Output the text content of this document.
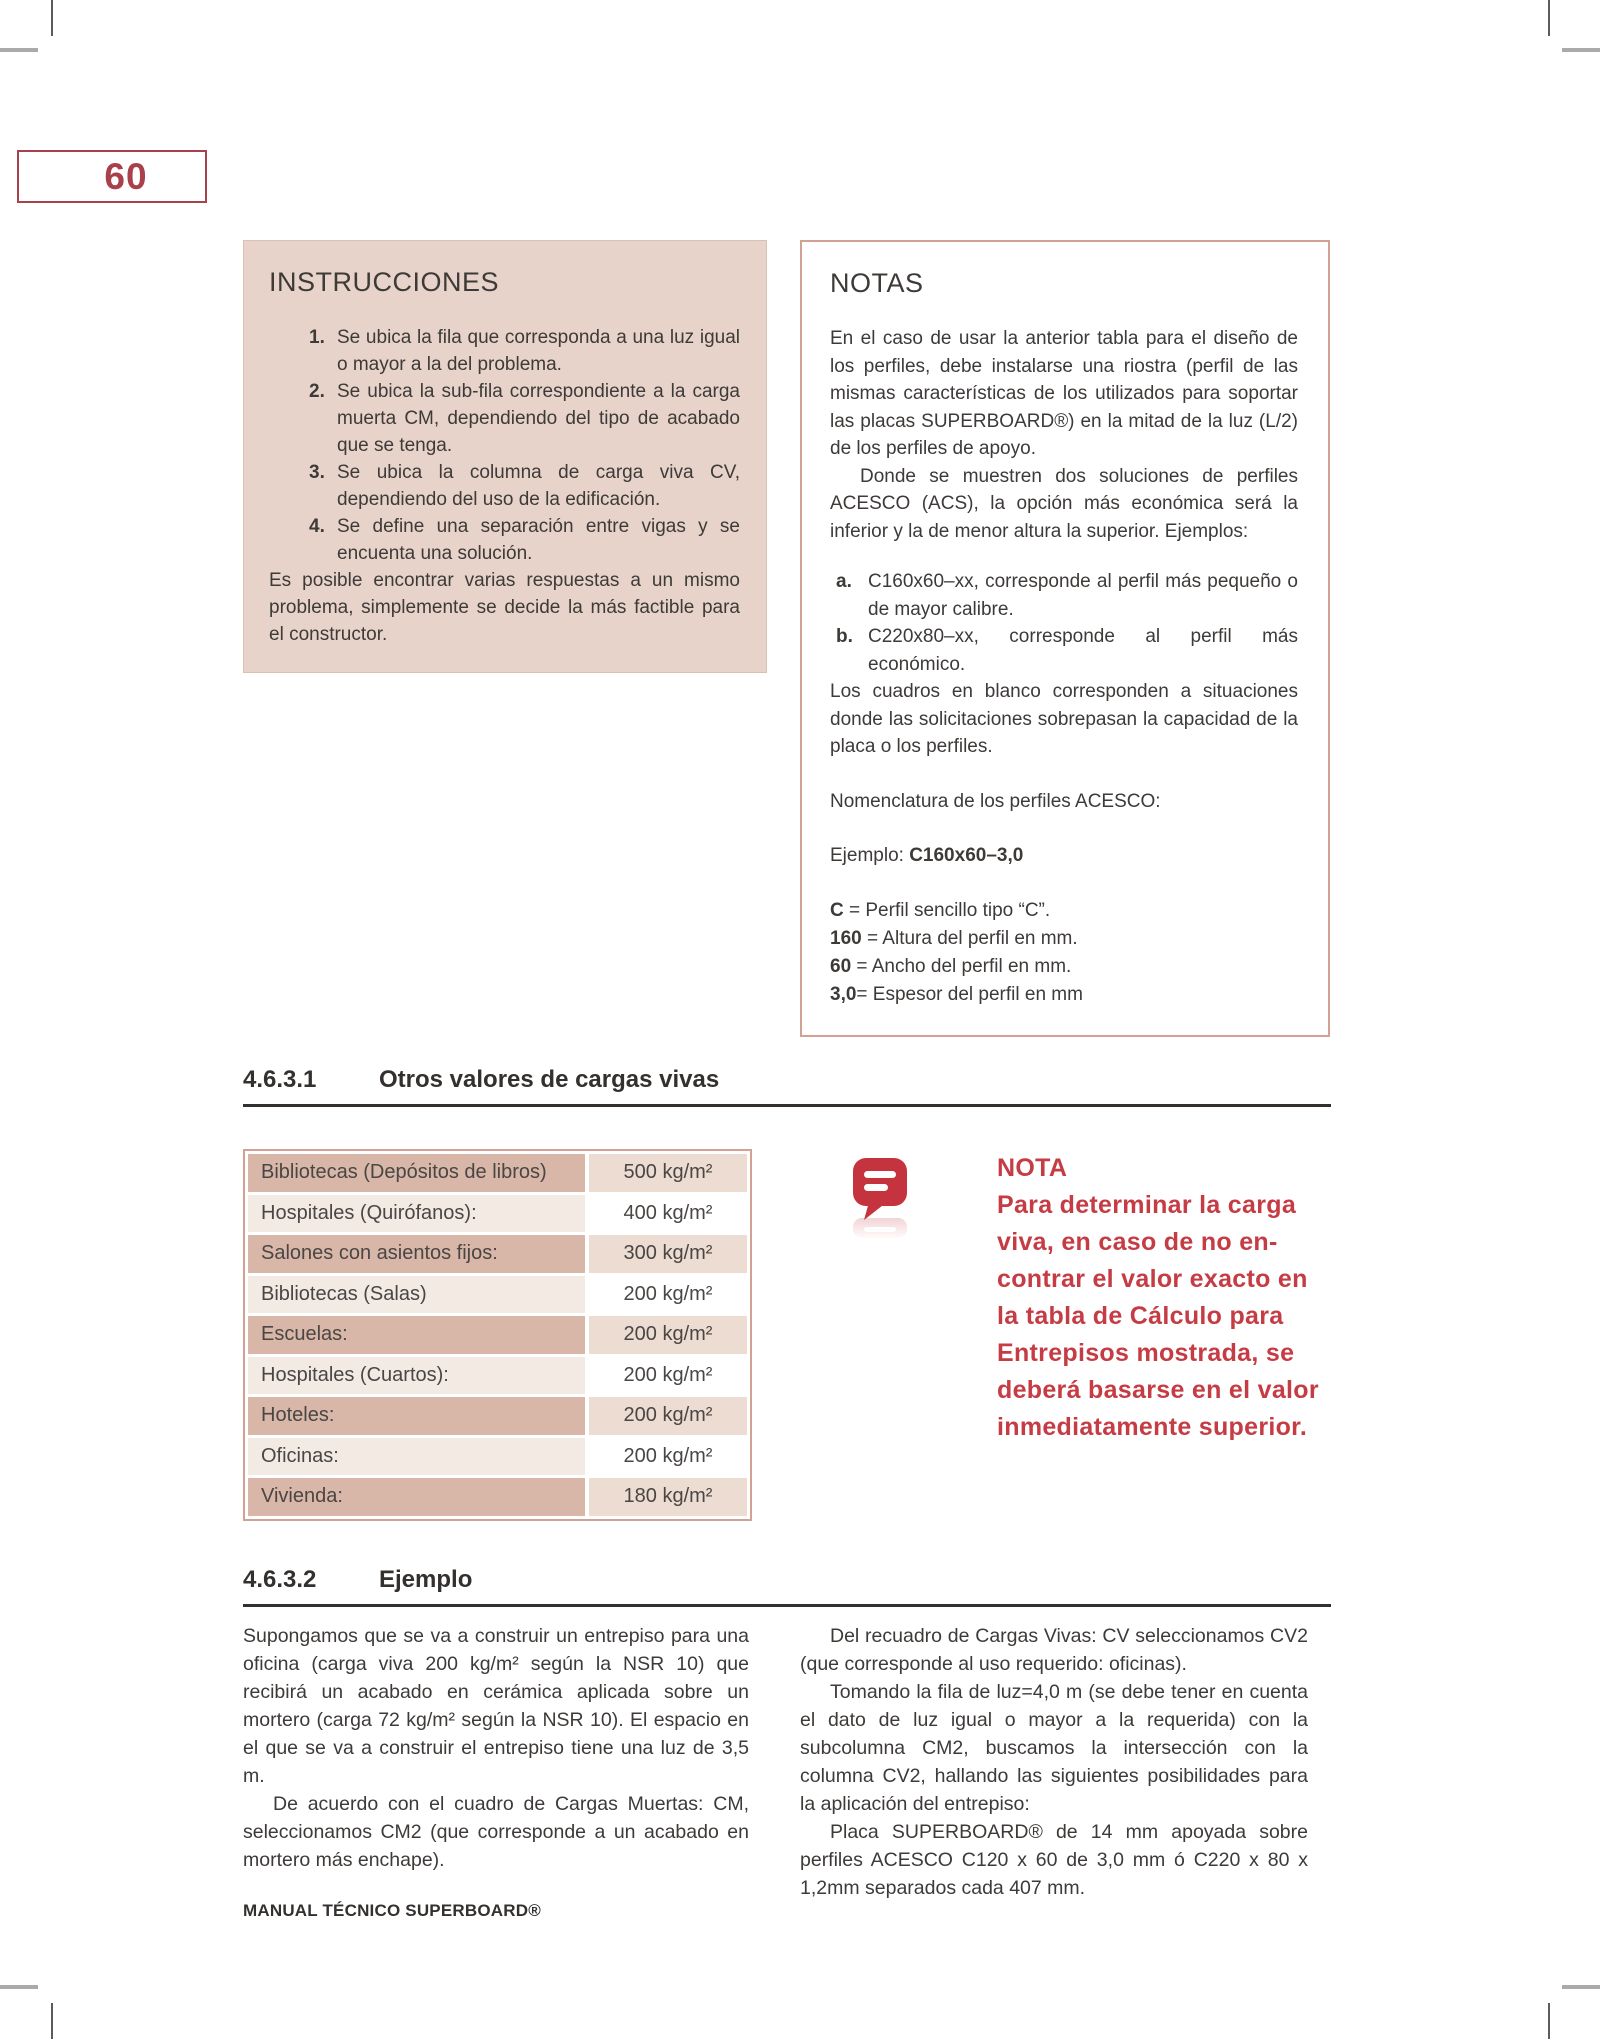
60
INSTRUCCIONES
1. Se ubica la fila que corresponda a una luz igual o mayor a la del problema.
2. Se ubica la sub-fila correspondiente a la carga muerta CM, dependiendo del tipo de acabado que se tenga.
3. Se ubica la columna de carga viva CV, dependiendo del uso de la edificación.
4. Se define una separación entre vigas y se encuenta una solución.

Es posible encontrar varias respuestas a un mismo problema, simplemente se decide la más factible para el constructor.

NOTAS

En el caso de usar la anterior tabla para el diseño de los perfiles, debe instalarse una riostra (perfil de las mismas características de los utilizados para soportar las placas SUPERBOARD®) en la mitad de la luz (L/2) de los perfiles de apoyo.

Donde se muestren dos soluciones de perfiles ACESCO (ACS), la opción más económica será la inferior y la de menor altura la superior. Ejemplos:

a. C160x60–xx, corresponde al perfil más pequeño o de mayor calibre.
b. C220x80–xx, corresponde al perfil más económico.

Los cuadros en blanco corresponden a situaciones donde las solicitaciones sobrepasan la capacidad de la placa o los perfiles.

Nomenclatura de los perfiles ACESCO:

Ejemplo: C160x60–3,0

C = Perfil sencillo tipo “C”.
160 = Altura del perfil en mm.
60 = Ancho del perfil en mm.
3,0= Espesor del perfil en mm
4.6.3.1	Otros valores de cargas vivas
Bibliotecas (Depósitos de libros)	500 kg/m²
Hospitales (Quirófanos):	400 kg/m²
Salones con asientos fijos:	300 kg/m²
Bibliotecas (Salas)	200 kg/m²
Escuelas:	200 kg/m²
Hospitales (Cuartos):	200 kg/m²
Hoteles:	200 kg/m²
Oficinas:	200 kg/m²
Vivienda:	180 kg/m²
NOTA
Para determinar la carga
viva, en caso de no en-
contrar el valor exacto en
la tabla de Cálculo para
Entrepisos mostrada, se
deberá basarse en el valor
inmediatamente superior.
4.6.3.2	Ejemplo

Supongamos que se va a construir un entrepiso para una oficina (carga viva 200 kg/m² según la NSR 10) que recibirá un acabado en cerámica aplicada sobre un mortero (carga 72 kg/m² según la NSR 10). El espacio en el que se va a construir el entrepiso tiene una luz de 3,5 m.

De acuerdo con el cuadro de Cargas Muertas: CM, seleccionamos CM2 (que corresponde a un acabado en mortero más enchape).

Del recuadro de Cargas Vivas: CV seleccionamos CV2 (que corresponde al uso requerido: oficinas).

Tomando la fila de luz=4,0 m (se debe tener en cuenta el dato de luz igual o mayor a la requerida) con la subcolumna CM2, buscamos la intersección con la columna CV2, hallando las siguientes posibilidades para la aplicación del entrepiso:

Placa SUPERBOARD® de 14 mm apoyada sobre perfiles ACESCO C120 x 60 de 3,0 mm ó C220 x 80 x 1,2mm separados cada 407 mm.

MANUAL TÉCNICO SUPERBOARD®
